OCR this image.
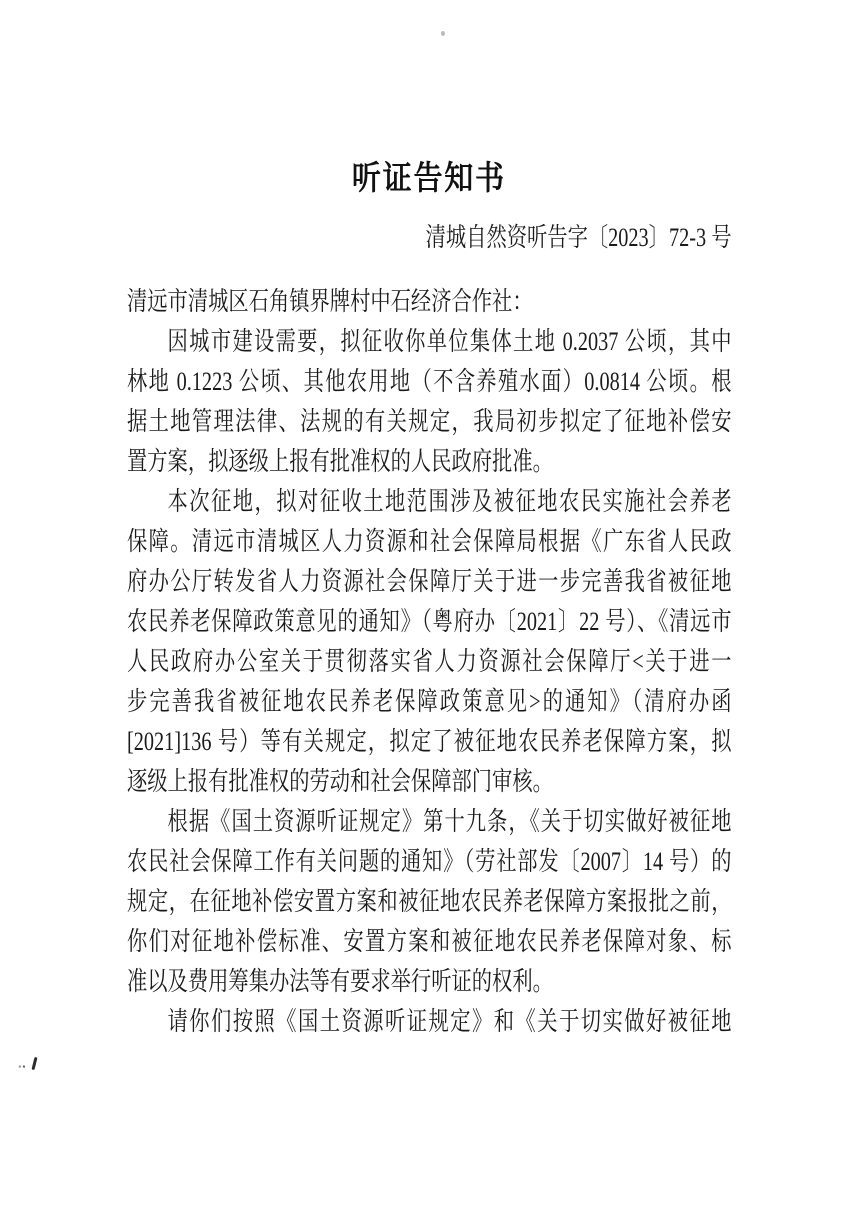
听证告知书
清城自然资听告字〔2023〕72-3 号
清远市清城区石角镇界牌村中石经济合作社：
因城市建设需要，拟征收你单位集体土地 0.2037 公顷，其中
林地 0.1223 公顷、其他农用地（不含养殖水面）0.0814 公顷。根
据土地管理法律、法规的有关规定，我局初步拟定了征地补偿安
置方案，拟逐级上报有批准权的人民政府批准。
本次征地，拟对征收土地范围涉及被征地农民实施社会养老
保障。清远市清城区人力资源和社会保障局根据《广东省人民政
府办公厅转发省人力资源社会保障厅关于进一步完善我省被征地
农民养老保障政策意见的通知》（粤府办〔2021〕22 号）、《清远市
人民政府办公室关于贯彻落实省人力资源社会保障厅<关于进一
步完善我省被征地农民养老保障政策意见>的通知》（清府办函
[2021]136 号）等有关规定，拟定了被征地农民养老保障方案，拟
逐级上报有批准权的劳动和社会保障部门审核。
根据《国土资源听证规定》第十九条，《关于切实做好被征地
农民社会保障工作有关问题的通知》（劳社部发〔2007〕14 号）的
规定，在征地补偿安置方案和被征地农民养老保障方案报批之前，
你们对征地补偿标准、安置方案和被征地农民养老保障对象、标
准以及费用筹集办法等有要求举行听证的权利。
请你们按照《国土资源听证规定》和《关于切实做好被征地
